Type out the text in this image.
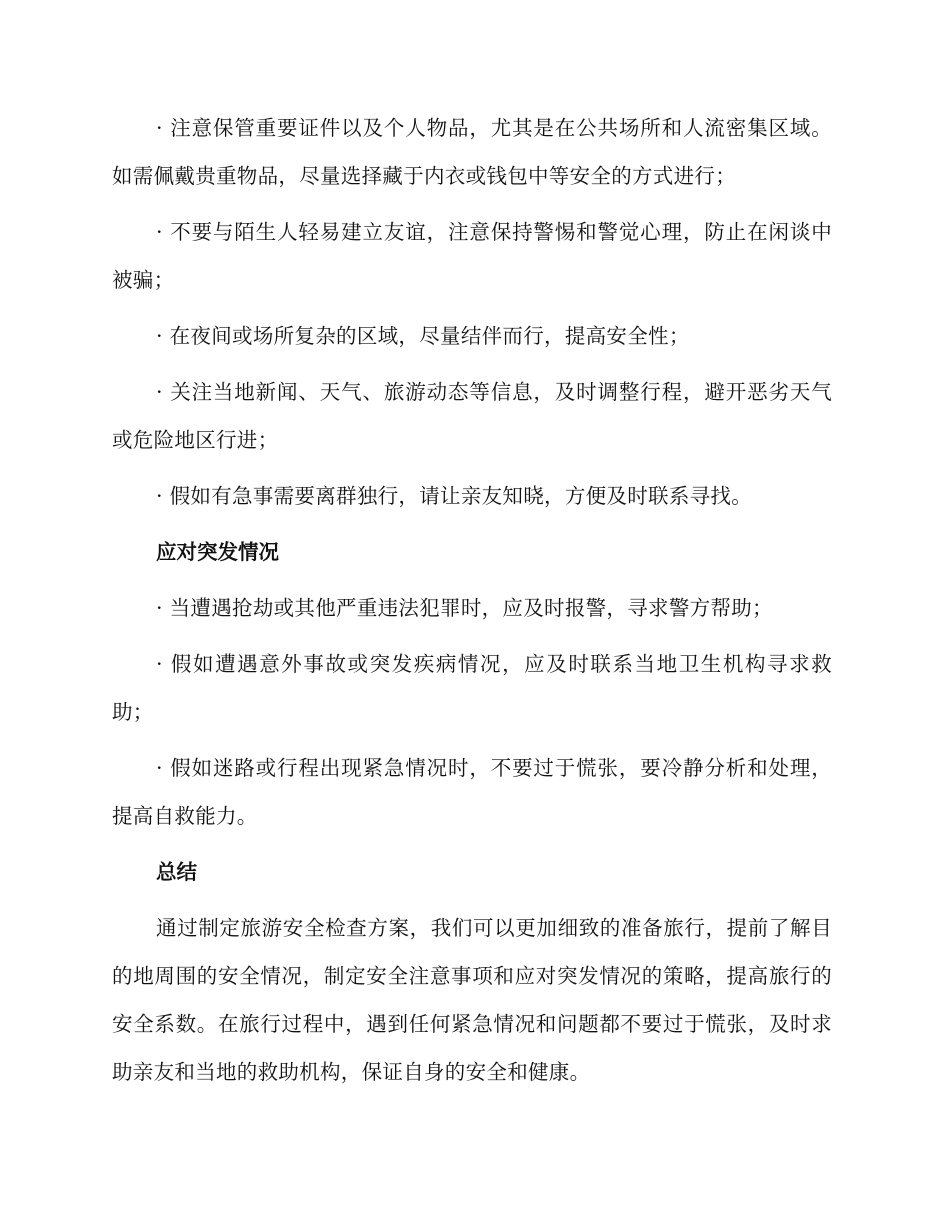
· 注意保管重要证件以及个人物品，尤其是在公共场所和人流密集区域。如需佩戴贵重物品，尽量选择藏于内衣或钱包中等安全的方式进行；

· 不要与陌生人轻易建立友谊，注意保持警惕和警觉心理，防止在闲谈中被骗；

· 在夜间或场所复杂的区域，尽量结伴而行，提高安全性；

· 关注当地新闻、天气、旅游动态等信息，及时调整行程，避开恶劣天气或危险地区行进；

· 假如有急事需要离群独行，请让亲友知晓，方便及时联系寻找。

应对突发情况

· 当遭遇抢劫或其他严重违法犯罪时，应及时报警，寻求警方帮助；

· 假如遭遇意外事故或突发疾病情况，应及时联系当地卫生机构寻求救助；

· 假如迷路或行程出现紧急情况时，不要过于慌张，要冷静分析和处理，提高自救能力。

总结

通过制定旅游安全检查方案，我们可以更加细致的准备旅行，提前了解目的地周围的安全情况，制定安全注意事项和应对突发情况的策略，提高旅行的安全系数。在旅行过程中，遇到任何紧急情况和问题都不要过于慌张，及时求助亲友和当地的救助机构，保证自身的安全和健康。
